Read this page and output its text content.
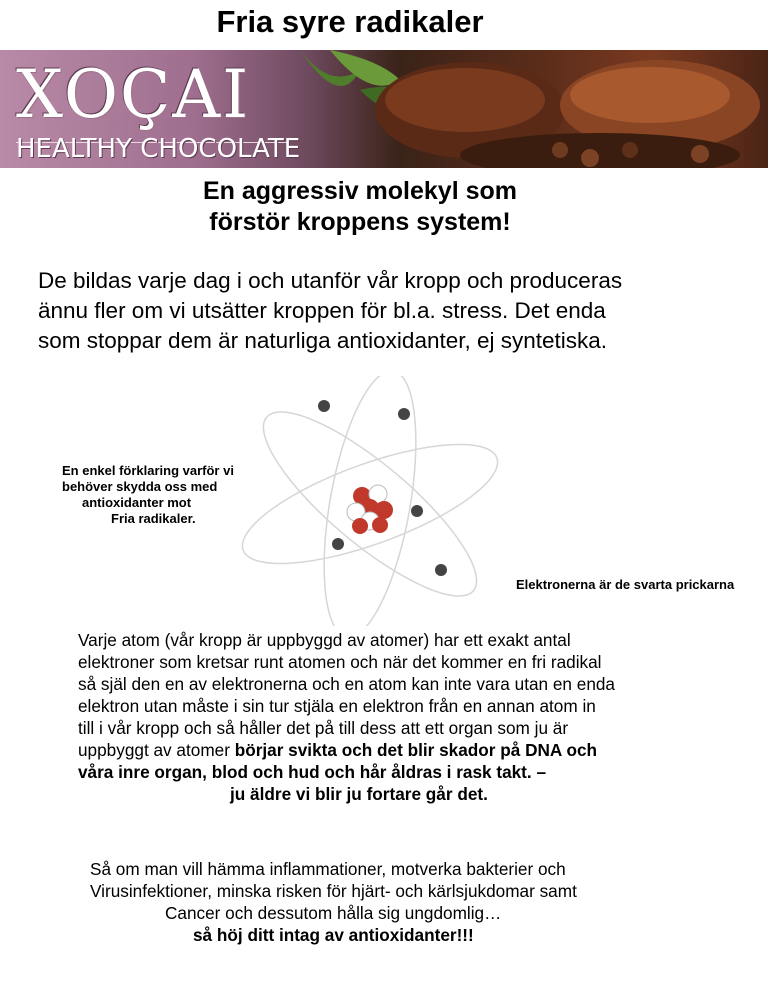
Fria syre radikaler
XOÇAI
HEALTHY CHOCOLATE
En aggressiv molekyl som
förstör kroppens system!
De bildas varje dag i och utanför vår kropp och produceras
ännu fler om vi utsätter kroppen för bl.a. stress. Det enda
som stoppar dem är naturliga antioxidanter, ej syntetiska.
En enkel förklaring varför vi
behöver skydda oss med
antioxidanter mot
Fria radikaler.
Elektronerna är de svarta prickarna
Varje atom (vår kropp är uppbyggd av atomer) har ett exakt antal
elektroner som kretsar runt atomen och när det kommer en fri radikal
så själ den en av elektronerna och en atom kan inte vara utan en enda
elektron utan måste i sin tur stjäla en elektron från en annan atom in
till i vår kropp och så håller det på till dess att ett organ som ju är
uppbyggt av atomer börjar svikta och det blir skador på DNA och
våra inre organ, blod och hud och hår åldras i rask takt. –
ju äldre vi blir ju fortare går det.
Så om man vill hämma inflammationer, motverka bakterier och
Virusinfektioner, minska risken för hjärt- och kärlsjukdomar samt
Cancer och dessutom hålla sig ungdomlig…
så höj ditt intag av antioxidanter!!!
